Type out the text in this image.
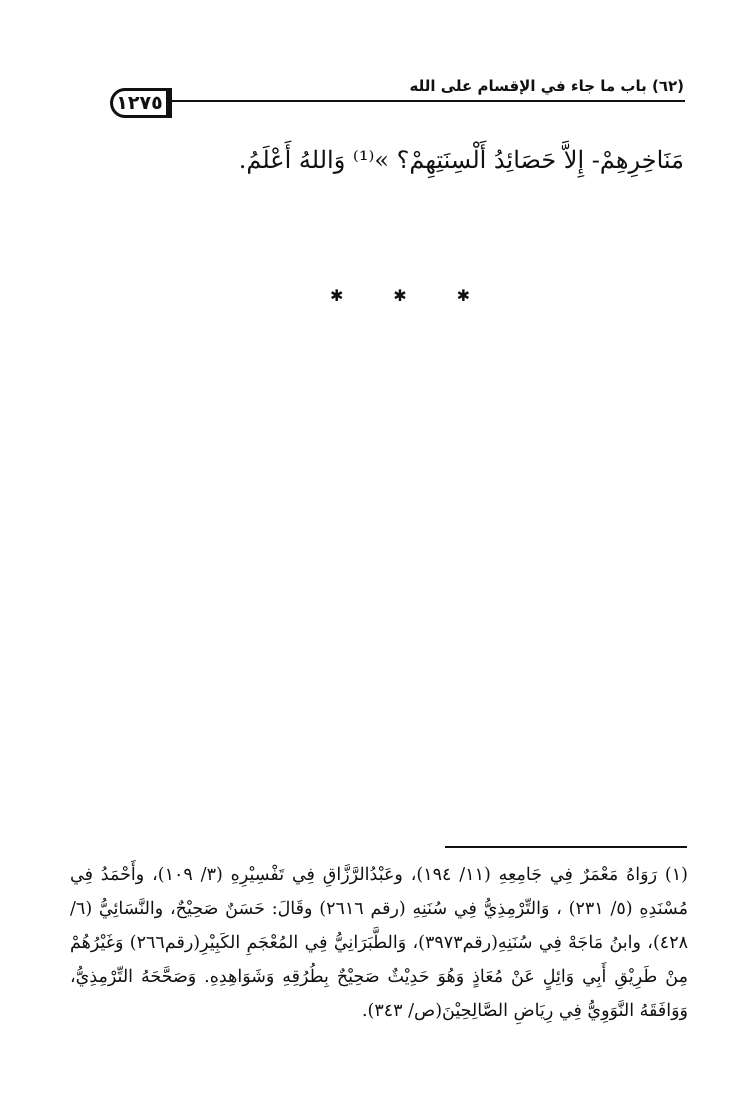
(٦٢) باب ما جاء في الإقسام على الله
١٢٧٥
مَنَاخِرِهِمْ- إِلاَّ حَصَائِدُ أَلْسِنَتِهِمْ؟ »⁽¹⁾ وَاللهُ أَعْلَمُ.
✱	✱	✱
(١) رَوَاهُ مَعْمَرٌ فِي جَامِعِهِ (١١/ ١٩٤)، وعَبْدُالرَّزَّاقِ فِي تَفْسِيْرِهِ (٣/ ١٠٩)، وأَحْمَدُ فِي مُسْنَدِهِ (٥/ ٢٣١) ، وَالتِّرْمِذِيُّ فِي سُنَنِهِ (رقم ٢٦١٦) وقَالَ: حَسَنٌ صَحِيْحٌ، والنَّسَائِيُّ (٦/ ٤٢٨)، وابنُ مَاجَهْ فِي سُنَنِهِ(رقم٣٩٧٣)، وَالطَّبَرَانِيُّ فِي المُعْجَمِ الكَبِيْرِ(رقم٢٦٦) وَغَيْرُهُمْ مِنْ طَرِيْقِ أَبِي وَائِلٍ عَنْ مُعَاذٍ وَهُوَ حَدِيْثٌ صَحِيْحٌ بِطُرُقِهِ وَشَوَاهِدِهِ. وَصَحَّحَهُ التِّرْمِذِيُّ، وَوَافَقَهُ النَّوَوِيُّ فِي رِيَاضِ الصَّالِحِيْنَ(ص/ ٣٤٣).
